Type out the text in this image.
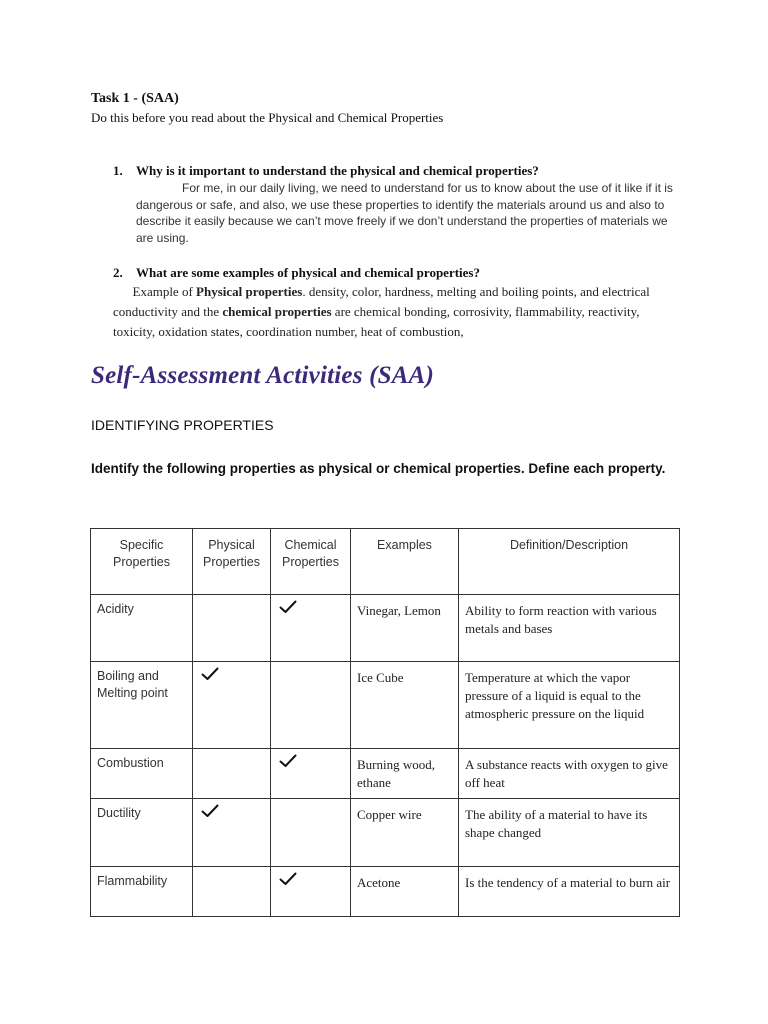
Task 1 - (SAA)
Do this before you read about the Physical and Chemical Properties
1. Why is it important to understand the physical and chemical properties?
For me, in our daily living, we need to understand for us to know about the use of it like if it is dangerous or safe, and also, we use these properties to identify the materials around us and also to describe it easily because we can’t move freely if we don’t understand the properties of materials we are using.
2. What are some examples of physical and chemical properties?
Example of Physical properties. density, color, hardness, melting and boiling points, and electrical conductivity and the chemical properties are chemical bonding, corrosivity, flammability, reactivity, toxicity, oxidation states, coordination number, heat of combustion,
Self-Assessment Activities (SAA)
IDENTIFYING PROPERTIES
Identify the following properties as physical or chemical properties. Define each property.
Specific Properties	Physical Properties	Chemical Properties	Examples	Definition/Description
Acidity			Vinegar, Lemon	Ability to form reaction with various metals and bases
Boiling and Melting point			Ice Cube	Temperature at which the vapor pressure of a liquid is equal to the atmospheric pressure on the liquid
Combustion			Burning wood, ethane	A substance reacts with oxygen to give off heat
Ductility			Copper wire	The ability of a material to have its shape changed
Flammability			Acetone	Is the tendency of a material to burn air
